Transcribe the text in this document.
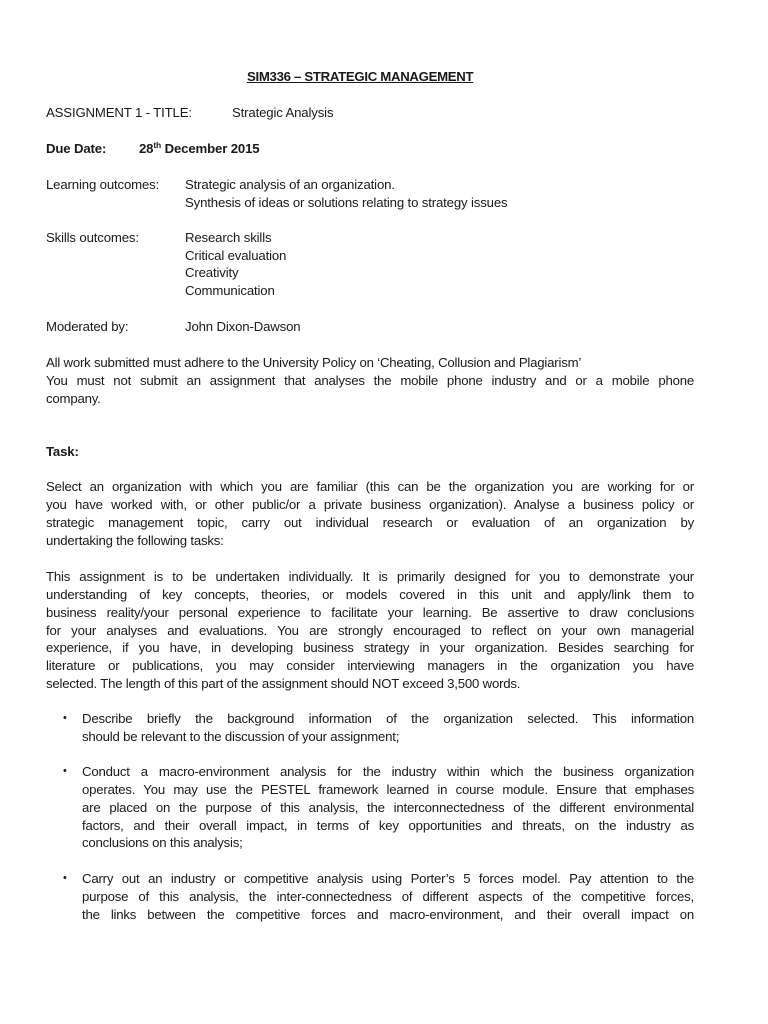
SIM336 – STRATEGIC MANAGEMENT
ASSIGNMENT 1 - TITLE:	Strategic Analysis
Due Date: 28th December 2015
Learning outcomes: Strategic analysis of an organization.
Synthesis of ideas or solutions relating to strategy issues
Skills outcomes:	Research skills
Critical evaluation
Creativity
Communication
Moderated by:	John Dixon-Dawson
All work submitted must adhere to the University Policy on ‘Cheating, Collusion and Plagiarism’
You must not submit an assignment that analyses the mobile phone industry and or a mobile phone
company.
Task:
Select an organization with which you are familiar (this can be the organization you are working for or
you have worked with, or other public/or a private business organization). Analyse a business policy or
strategic management topic, carry out individual research or evaluation of an organization by
undertaking the following tasks:
This assignment is to be undertaken individually. It is primarily designed for you to demonstrate your
understanding of key concepts, theories, or models covered in this unit and apply/link them to
business reality/your personal experience to facilitate your learning. Be assertive to draw conclusions
for your analyses and evaluations. You are strongly encouraged to reflect on your own managerial
experience, if you have, in developing business strategy in your organization. Besides searching for
literature or publications, you may consider interviewing managers in the organization you have
selected. The length of this part of the assignment should NOT exceed 3,500 words.
• Describe briefly the background information of the organization selected. This information
should be relevant to the discussion of your assignment;
• Conduct a macro-environment analysis for the industry within which the business organization
operates. You may use the PESTEL framework learned in course module. Ensure that emphases
are placed on the purpose of this analysis, the interconnectedness of the different environmental
factors, and their overall impact, in terms of key opportunities and threats, on the industry as
conclusions on this analysis;
• Carry out an industry or competitive analysis using Porter’s 5 forces model. Pay attention to the
purpose of this analysis, the inter-connectedness of different aspects of the competitive forces,
the links between the competitive forces and macro-environment, and their overall impact on
